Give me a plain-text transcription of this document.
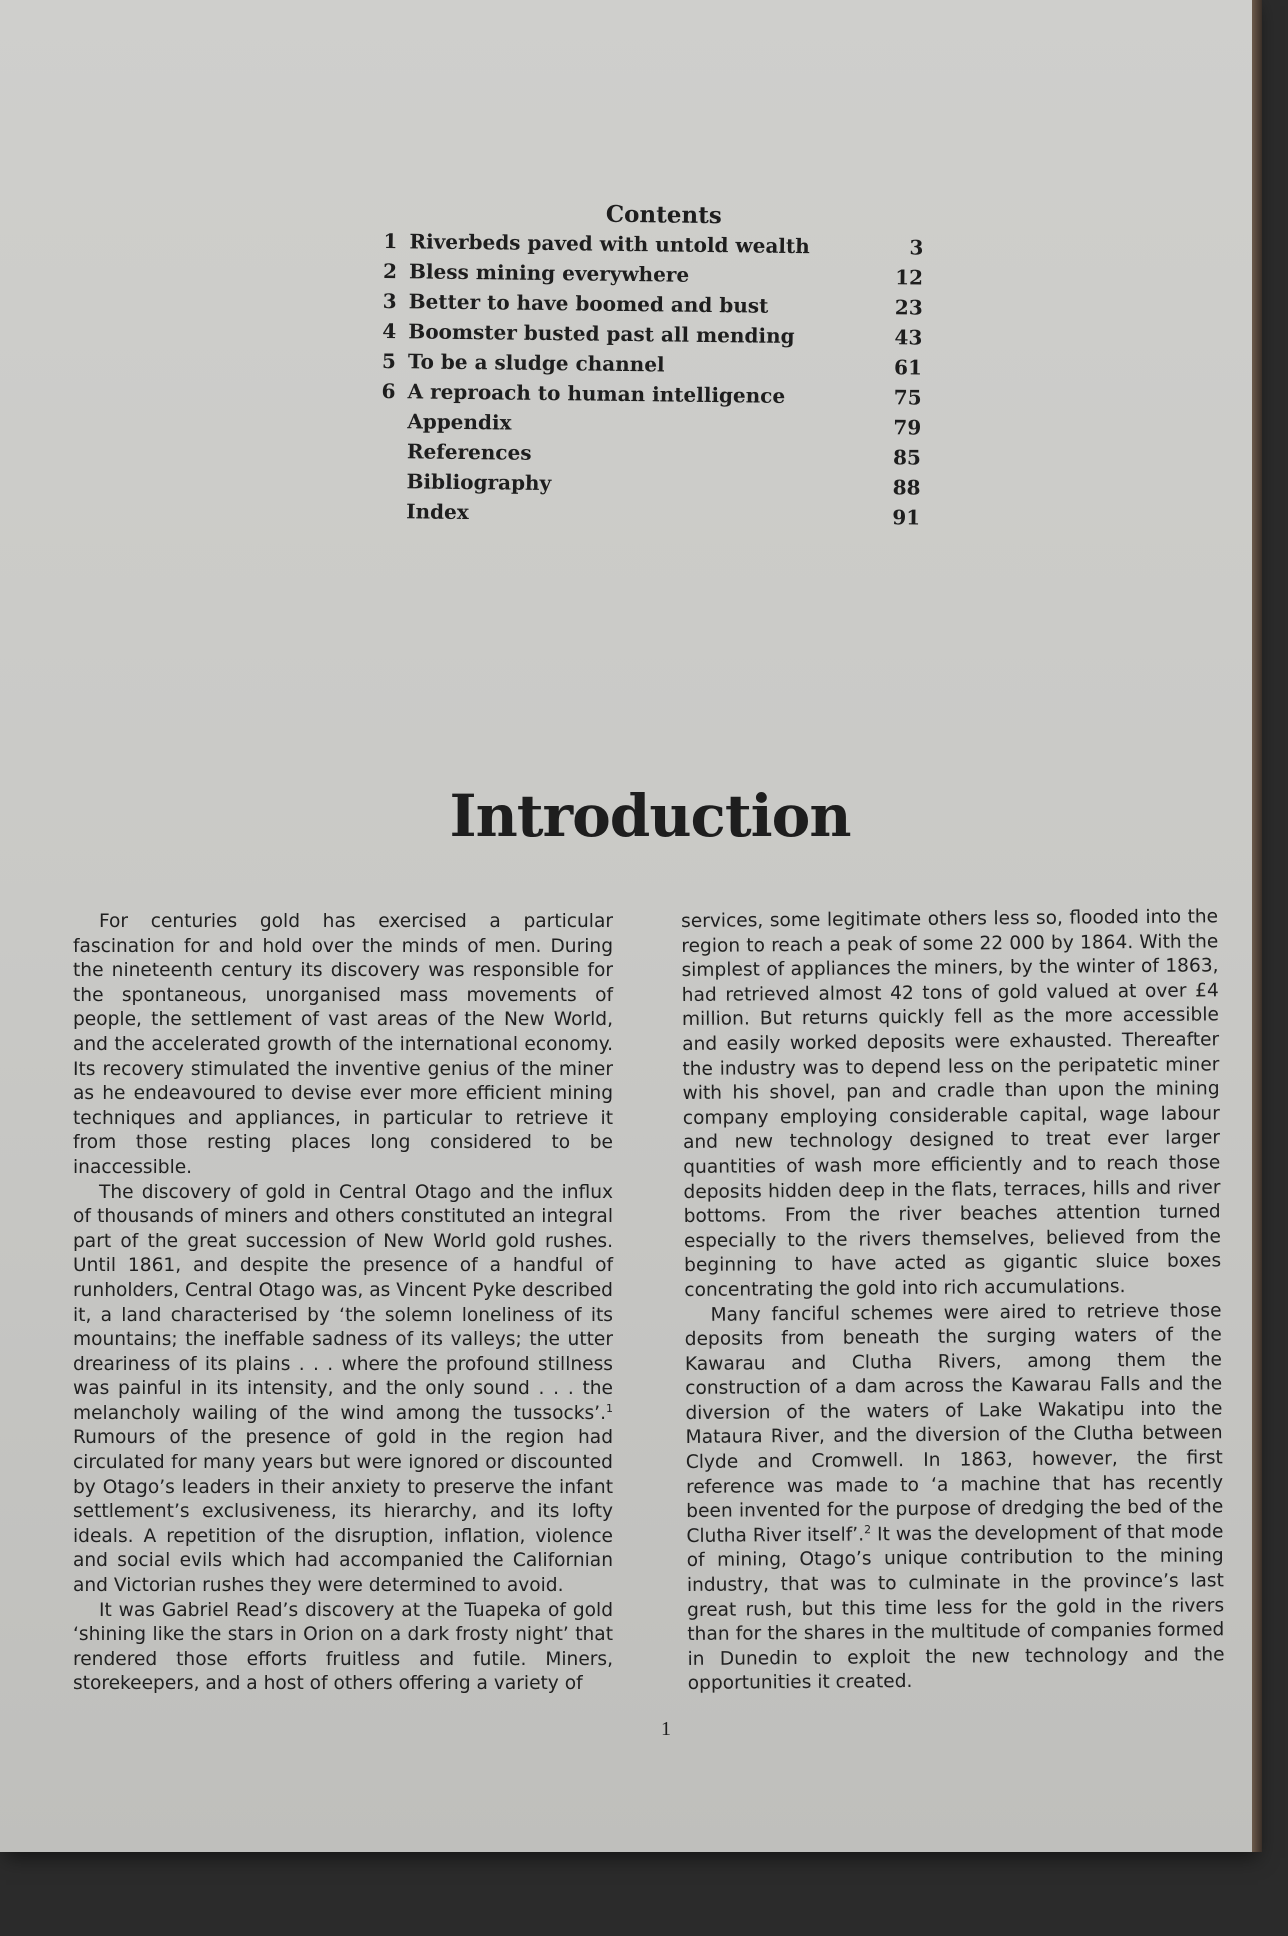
Contents
1 Riverbeds paved with untold wealth	3
2 Bless mining everywhere	12
3 Better to have boomed and bust	23
4 Boomster busted past all mending	43
5 To be a sludge channel	61
6 A reproach to human intelligence	75
Appendix	79
References	85
Bibliography	88
Index	91
Introduction

For centuries gold has exercised a particular fascination for and hold over the minds of men. During the nineteenth century its discovery was responsible for the spontaneous, unorganised mass movements of people, the settlement of vast areas of the New World, and the accelerated growth of the international economy. Its recovery stimulated the inventive genius of the miner as he endeavoured to devise ever more efficient mining techniques and appliances, in particular to retrieve it from those resting places long considered to be inaccessible.

The discovery of gold in Central Otago and the influx of thousands of miners and others constituted an integral part of the great succession of New World gold rushes. Until 1861, and despite the presence of a handful of runholders, Central Otago was, as Vincent Pyke described it, a land characterised by ‘the solemn loneliness of its mountains; the ineffable sadness of its valleys; the utter dreariness of its plains . . . where the profound stillness was painful in its intensity, and the only sound . . . the melancholy wailing of the wind among the tussocks’.$^1$ Rumours of the presence of gold in the region had circulated for many years but were ignored or discounted by Otago’s leaders in their anxiety to preserve the infant settlement’s exclusiveness, its hierarchy, and its lofty ideals. A repetition of the disruption, inflation, violence and social evils which had accompanied the Californian and Victorian rushes they were determined to avoid.

It was Gabriel Read’s discovery at the Tuapeka of gold ‘shining like the stars in Orion on a dark frosty night’ that rendered those efforts fruitless and futile. Miners, storekeepers, and a host of others offering a variety of

services, some legitimate others less so, flooded into the region to reach a peak of some 22 000 by 1864. With the simplest of appliances the miners, by the winter of 1863, had retrieved almost 42 tons of gold valued at over £4 million. But returns quickly fell as the more accessible and easily worked deposits were exhausted. Thereafter the industry was to depend less on the peripatetic miner with his shovel, pan and cradle than upon the mining company employing considerable capital, wage labour and new technology designed to treat ever larger quantities of wash more efficiently and to reach those deposits hidden deep in the flats, terraces, hills and river bottoms. From the river beaches attention turned especially to the rivers themselves, believed from the beginning to have acted as gigantic sluice boxes concentrating the gold into rich accumulations.

Many fanciful schemes were aired to retrieve those deposits from beneath the surging waters of the Kawarau and Clutha Rivers, among them the construction of a dam across the Kawarau Falls and the diversion of the waters of Lake Wakatipu into the Mataura River, and the diversion of the Clutha between Clyde and Cromwell. In 1863, however, the first reference was made to ‘a machine that has recently been invented for the purpose of dredging the bed of the Clutha River itself’.$^2$ It was the development of that mode of mining, Otago’s unique contribution to the mining industry, that was to culminate in the province’s last great rush, but this time less for the gold in the rivers than for the shares in the multitude of companies formed in Dunedin to exploit the new technology and the opportunities it created.

1
